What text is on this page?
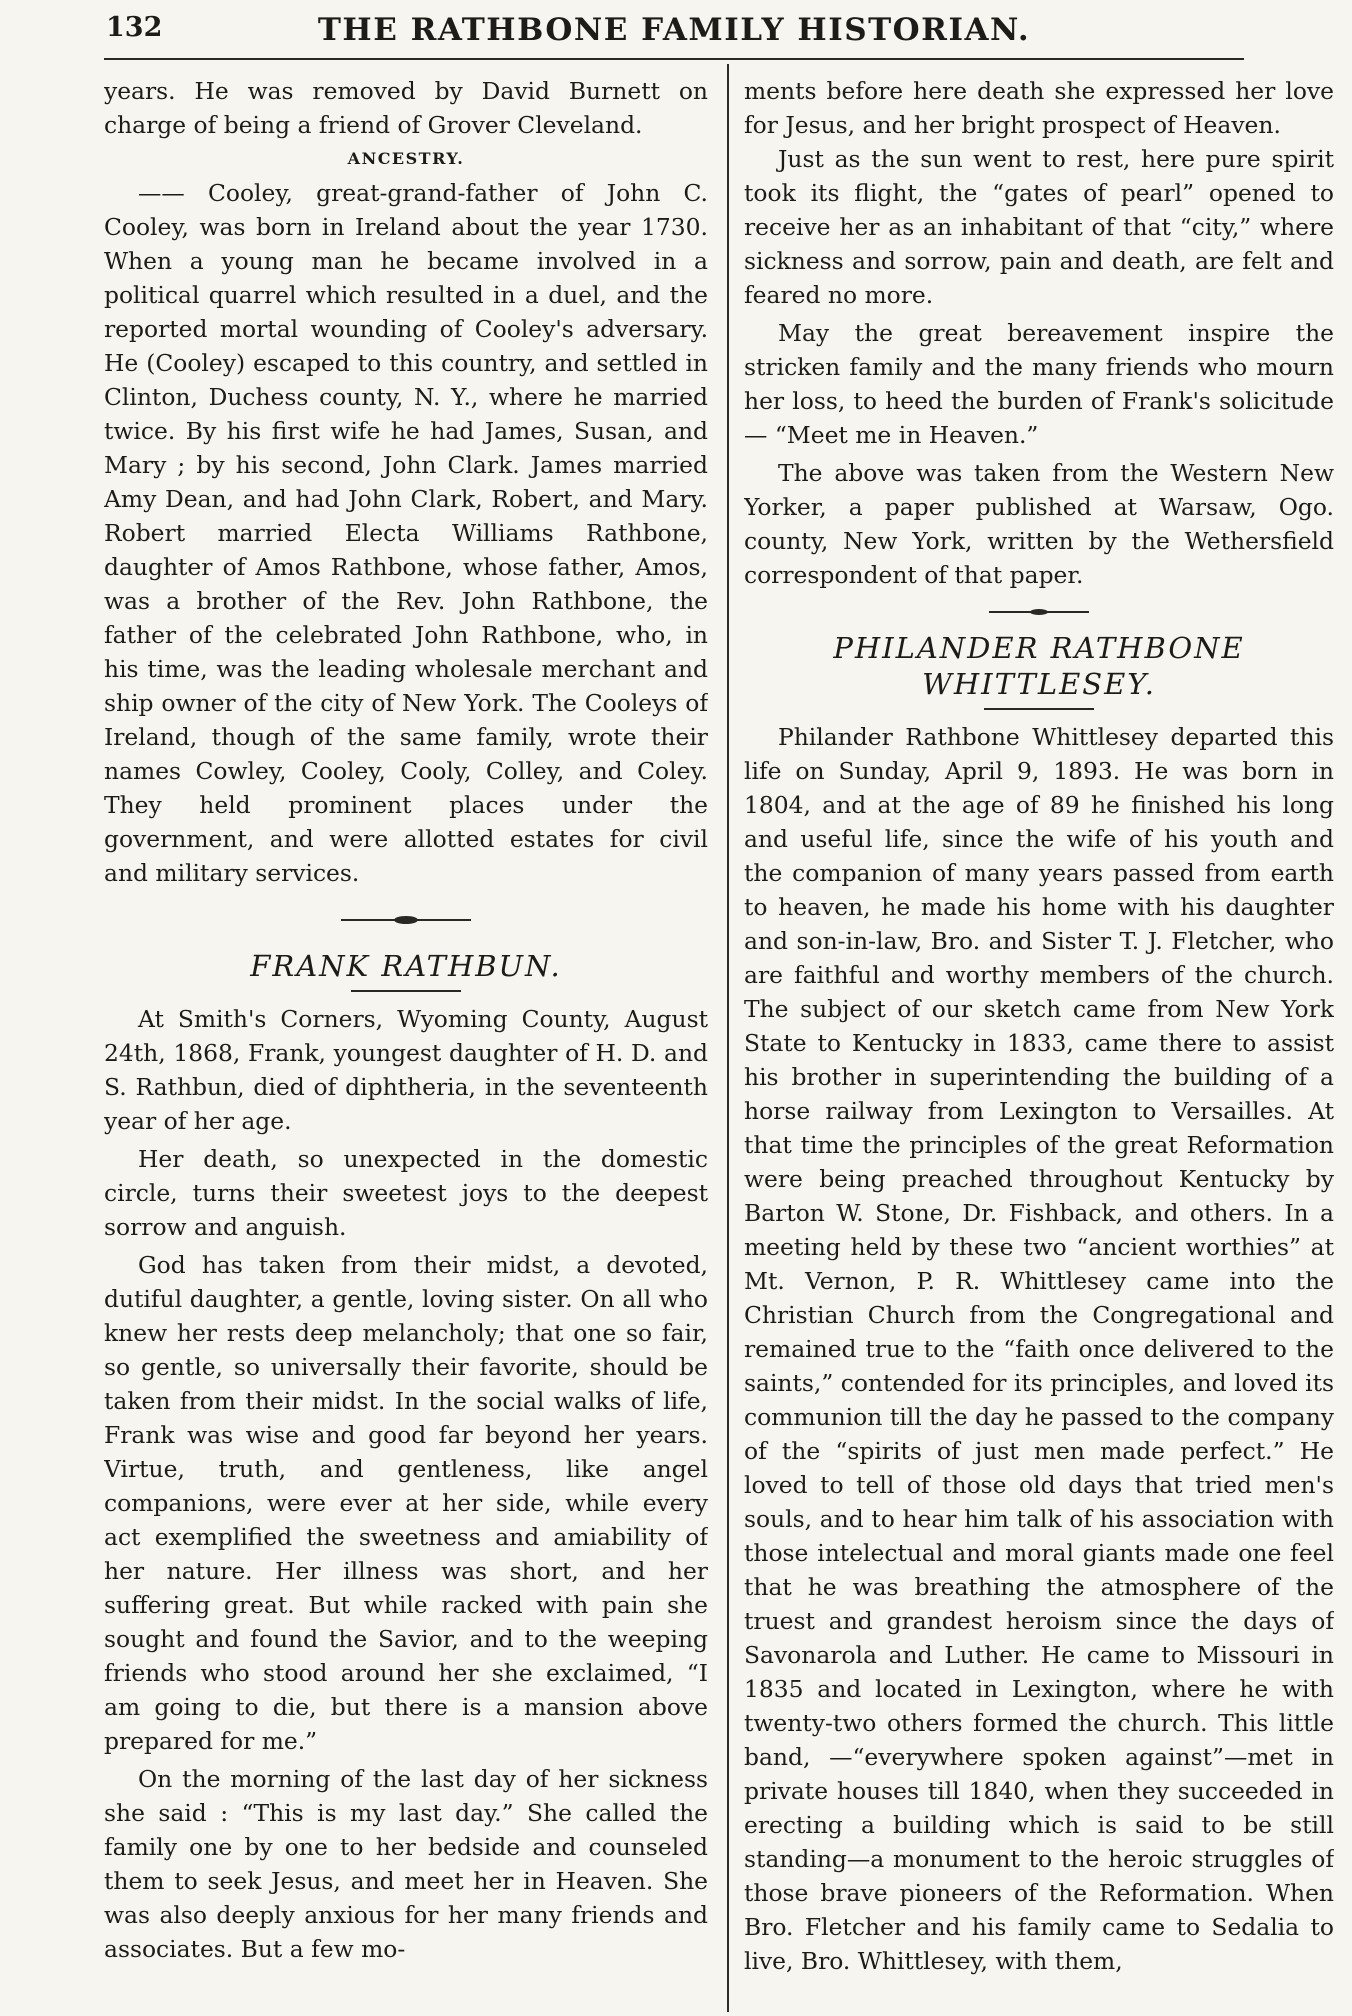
132	THE RATHBONE FAMILY HISTORIAN.

years. He was removed by David Burnett on charge of being a friend of Grover Cleveland.

ANCESTRY.

—— Cooley, great-grand-father of John C. Cooley, was born in Ireland about the year 1730. When a young man he became involved in a political quarrel which resulted in a duel, and the reported mortal wounding of Cooley's adversary. He (Cooley) escaped to this country, and settled in Clinton, Duchess county, N. Y., where he married twice. By his first wife he had James, Susan, and Mary ; by his second, John Clark. James married Amy Dean, and had John Clark, Robert, and Mary. Robert married Electa Williams Rathbone, daughter of Amos Rathbone, whose father, Amos, was a brother of the Rev. John Rathbone, the father of the celebrated John Rathbone, who, in his time, was the leading wholesale merchant and ship owner of the city of New York. The Cooleys of Ireland, though of the same family, wrote their names Cowley, Cooley, Cooly, Colley, and Coley. They held prominent places under the government, and were allotted estates for civil and military services.

FRANK RATHBUN.

At Smith's Corners, Wyoming County, August 24th, 1868, Frank, youngest daughter of H. D. and S. Rathbun, died of diphtheria, in the seventeenth year of her age.

Her death, so unexpected in the domestic circle, turns their sweetest joys to the deepest sorrow and anguish.

God has taken from their midst, a devoted, dutiful daughter, a gentle, loving sister. On all who knew her rests deep melancholy; that one so fair, so gentle, so universally their favorite, should be taken from their midst. In the social walks of life, Frank was wise and good far beyond her years. Virtue, truth, and gentleness, like angel companions, were ever at her side, while every act exemplified the sweetness and amiability of her nature. Her illness was short, and her suffering great. But while racked with pain she sought and found the Savior, and to the weeping friends who stood around her she exclaimed, “I am going to die, but there is a mansion above prepared for me.”

On the morning of the last day of her sickness she said : “This is my last day.” She called the family one by one to her bedside and counseled them to seek Jesus, and meet her in Heaven. She was also deeply anxious for her many friends and associates. But a few mo-

ments before here death she expressed her love for Jesus, and her bright prospect of Heaven.

Just as the sun went to rest, here pure spirit took its flight, the “gates of pearl” opened to receive her as an inhabitant of that “city,” where sickness and sorrow, pain and death, are felt and feared no more.

May the great bereavement inspire the stricken family and the many friends who mourn her loss, to heed the burden of Frank's solicitude— “Meet me in Heaven.”

The above was taken from the Western New Yorker, a paper published at Warsaw, Ogo. county, New York, written by the Wethersfield correspondent of that paper.

PHILANDER RATHBONE
WHITTLESEY.

Philander Rathbone Whittlesey departed this life on Sunday, April 9, 1893. He was born in 1804, and at the age of 89 he finished his long and useful life, since the wife of his youth and the companion of many years passed from earth to heaven, he made his home with his daughter and son-in-law, Bro. and Sister T. J. Fletcher, who are faithful and worthy members of the church. The subject of our sketch came from New York State to Kentucky in 1833, came there to assist his brother in superintending the building of a horse railway from Lexington to Versailles. At that time the principles of the great Reformation were being preached throughout Kentucky by Barton W. Stone, Dr. Fishback, and others. In a meeting held by these two “ancient worthies” at Mt. Vernon, P. R. Whittlesey came into the Christian Church from the Congregational and remained true to the “faith once delivered to the saints,” contended for its principles, and loved its communion till the day he passed to the company of the “spirits of just men made perfect.” He loved to tell of those old days that tried men's souls, and to hear him talk of his association with those intelectual and moral giants made one feel that he was breathing the atmosphere of the truest and grandest heroism since the days of Savonarola and Luther. He came to Missouri in 1835 and located in Lexington, where he with twenty-two others formed the church. This little band, —“everywhere spoken against”—met in private houses till 1840, when they succeeded in erecting a building which is said to be still standing—a monument to the heroic struggles of those brave pioneers of the Reformation. When Bro. Fletcher and his family came to Sedalia to live, Bro. Whittlesey, with them,
